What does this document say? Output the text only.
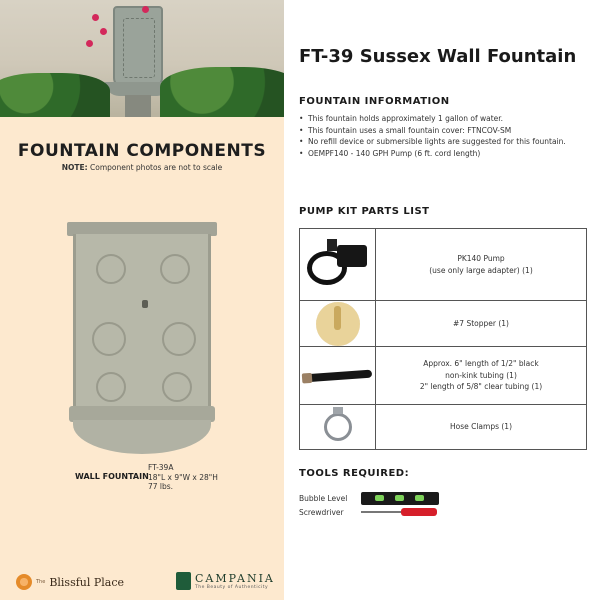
FOUNTAIN COMPONENTS
NOTE: Component photos are not to scale
WALL FOUNTAIN
FT-39A
18"L x 9"W x 28"H
77 lbs.
The Blissful Place	CAMPANIA
The Beauty of Authenticity
FT-39 Sussex Wall Fountain
FOUNTAIN INFORMATION
• This fountain holds approximately 1 gallon of water.
• This fountain uses a small fountain cover: FTNCOV-SM
• No refill device or submersible lights are suggested for this fountain.
• OEMPF140 - 140 GPH Pump (6 ft. cord length)
PUMP KIT PARTS LIST
	PK140 Pump
(use only large adapter) (1)

	#7 Stopper (1)

	Approx. 6" length of 1/2" black
non-kink tubing (1)
2" length of 5/8" clear tubing (1)

	Hose Clamps (1)
TOOLS REQUIRED:
Bubble Level
Screwdriver
